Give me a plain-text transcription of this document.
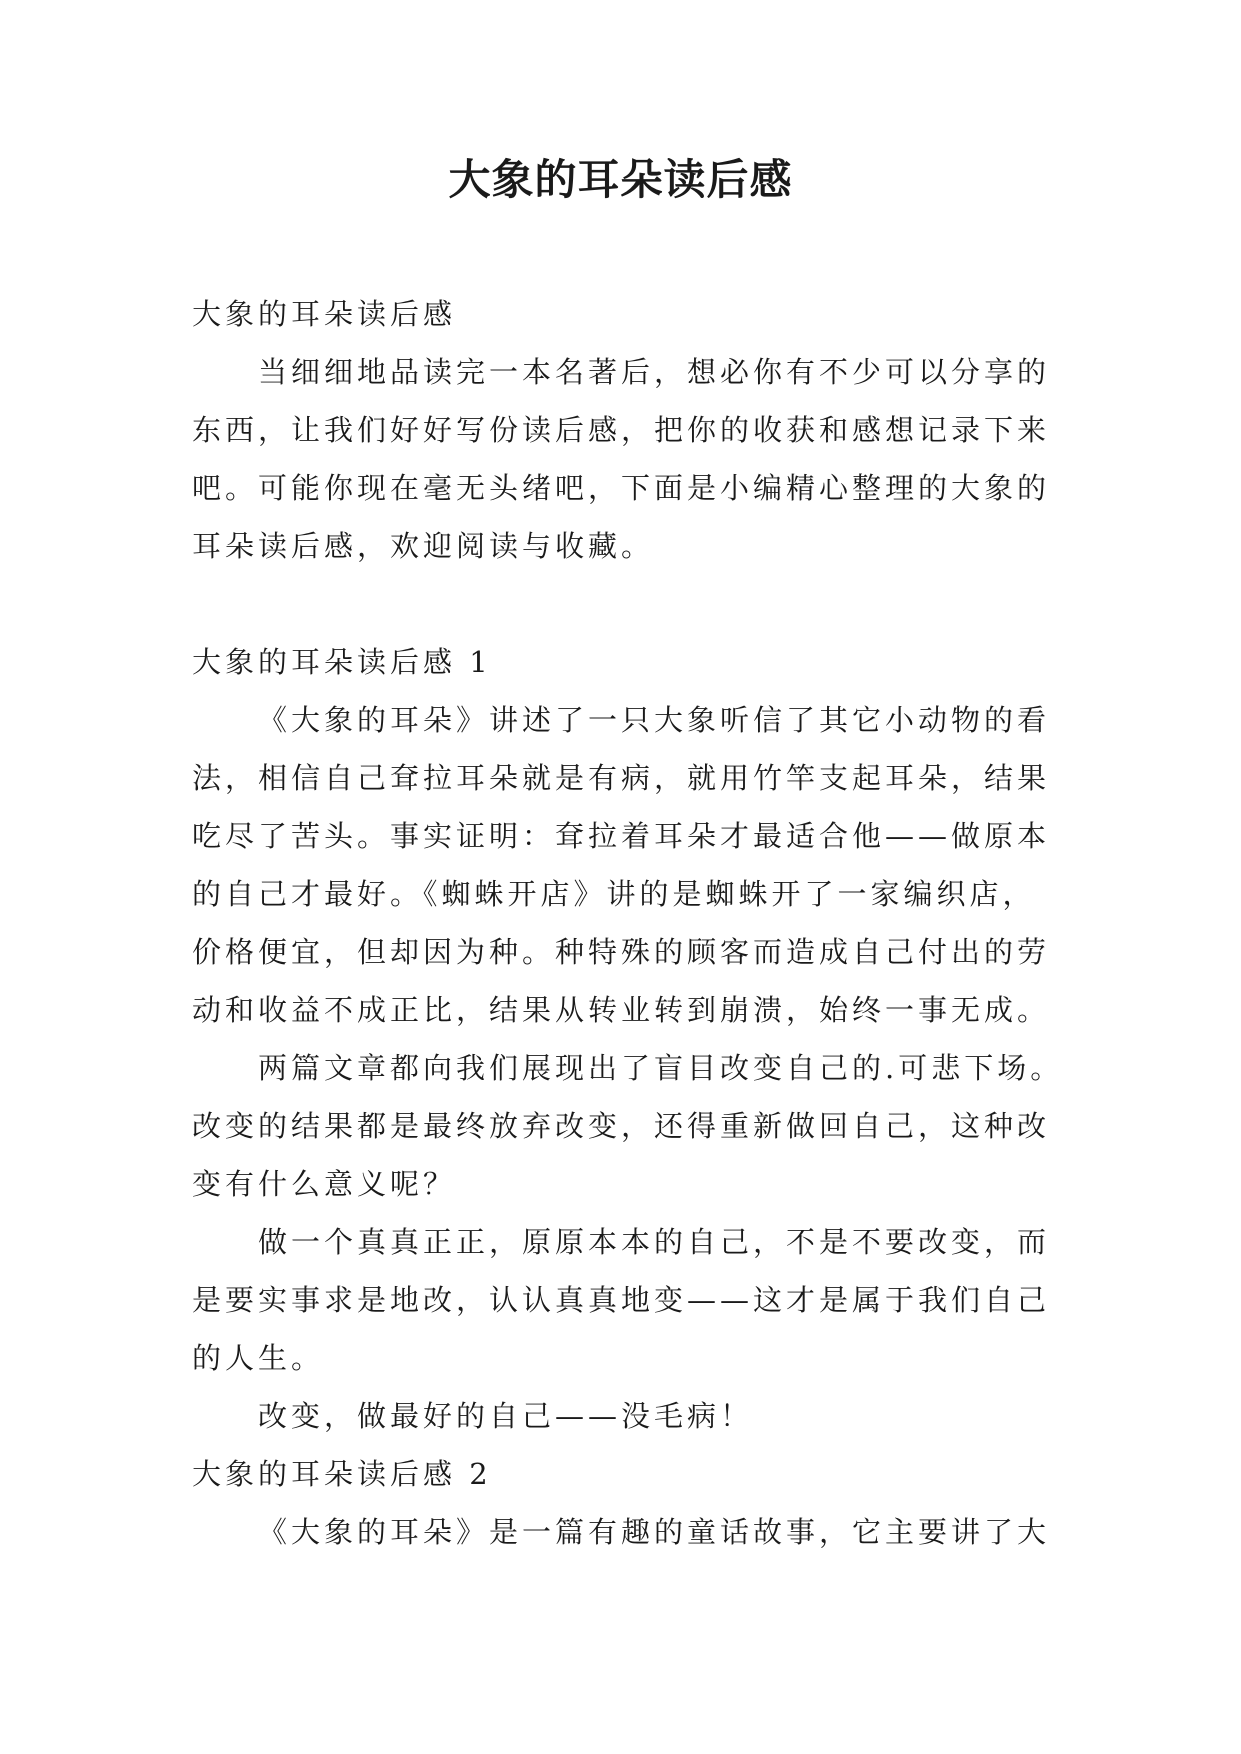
大象的耳朵读后感

大象的耳朵读后感

当细细地品读完一本名著后，想必你有不少可以分享的

东西，让我们好好写份读后感，把你的收获和感想记录下来

吧。可能你现在毫无头绪吧，下面是小编精心整理的大象的

耳朵读后感，欢迎阅读与收藏。

大象的耳朵读后感 1

《大象的耳朵》讲述了一只大象听信了其它小动物的看

法，相信自己耷拉耳朵就是有病，就用竹竿支起耳朵，结果

吃尽了苦头。事实证明：耷拉着耳朵才最适合他——做原本

的自己才最好。《蜘蛛开店》讲的是蜘蛛开了一家编织店，

价格便宜，但却因为种。种特殊的顾客而造成自己付出的劳

动和收益不成正比，结果从转业转到崩溃，始终一事无成。

两篇文章都向我们展现出了盲目改变自己的.可悲下场。

改变的结果都是最终放弃改变，还得重新做回自己，这种改

变有什么意义呢？

做一个真真正正，原原本本的自己，不是不要改变，而

是要实事求是地改，认认真真地变——这才是属于我们自己

的人生。

改变，做最好的自己——没毛病！

大象的耳朵读后感 2

《大象的耳朵》是一篇有趣的童话故事，它主要讲了大
